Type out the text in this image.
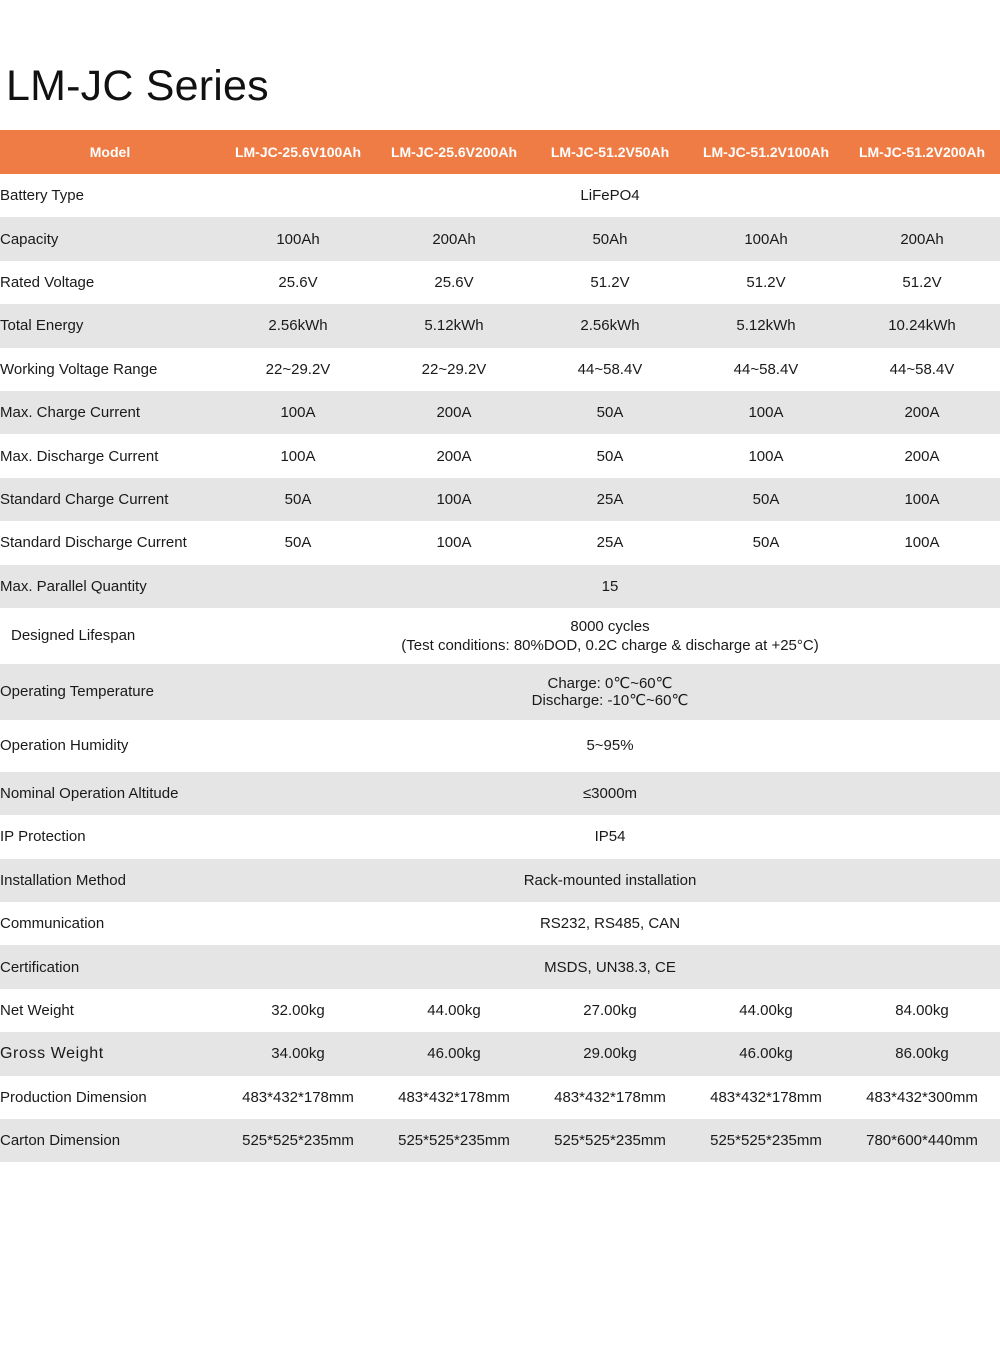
LM-JC Series
Model	LM-JC-25.6V100Ah	LM-JC-25.6V200Ah	LM-JC-51.2V50Ah	LM-JC-51.2V100Ah	LM-JC-51.2V200Ah
Battery Type	LiFePO4				
Capacity	100Ah	200Ah	50Ah	100Ah	200Ah
Rated Voltage	25.6V	25.6V	51.2V	51.2V	51.2V
Total Energy	2.56kWh	5.12kWh	2.56kWh	5.12kWh	10.24kWh
Working Voltage Range	22~29.2V	22~29.2V	44~58.4V	44~58.4V	44~58.4V
Max. Charge Current	100A	200A	50A	100A	200A
Max. Discharge Current	100A	200A	50A	100A	200A
Standard Charge Current	50A	100A	25A	50A	100A
Standard Discharge Current	50A	100A	25A	50A	100A
Max. Parallel Quantity	15				
Designed Lifespan	8000 cycles
(Test conditions: 80%DOD, 0.2C charge & discharge at +25°C)				

Operating Temperature	Charge: 0℃~60℃
Discharge: -10℃~60℃				

Operation Humidity	5~95%				
Nominal Operation Altitude	≤3000m				
IP Protection	IP54				
Installation Method	Rack-mounted installation				
Communication	RS232, RS485, CAN				
Certification	MSDS, UN38.3, CE				
Net Weight	32.00kg	44.00kg	27.00kg	44.00kg	84.00kg
Gross Weight	34.00kg	46.00kg	29.00kg	46.00kg	86.00kg
Production Dimension	483*432*178mm	483*432*178mm	483*432*178mm	483*432*178mm	483*432*300mm
Carton Dimension	525*525*235mm	525*525*235mm	525*525*235mm	525*525*235mm	780*600*440mm
